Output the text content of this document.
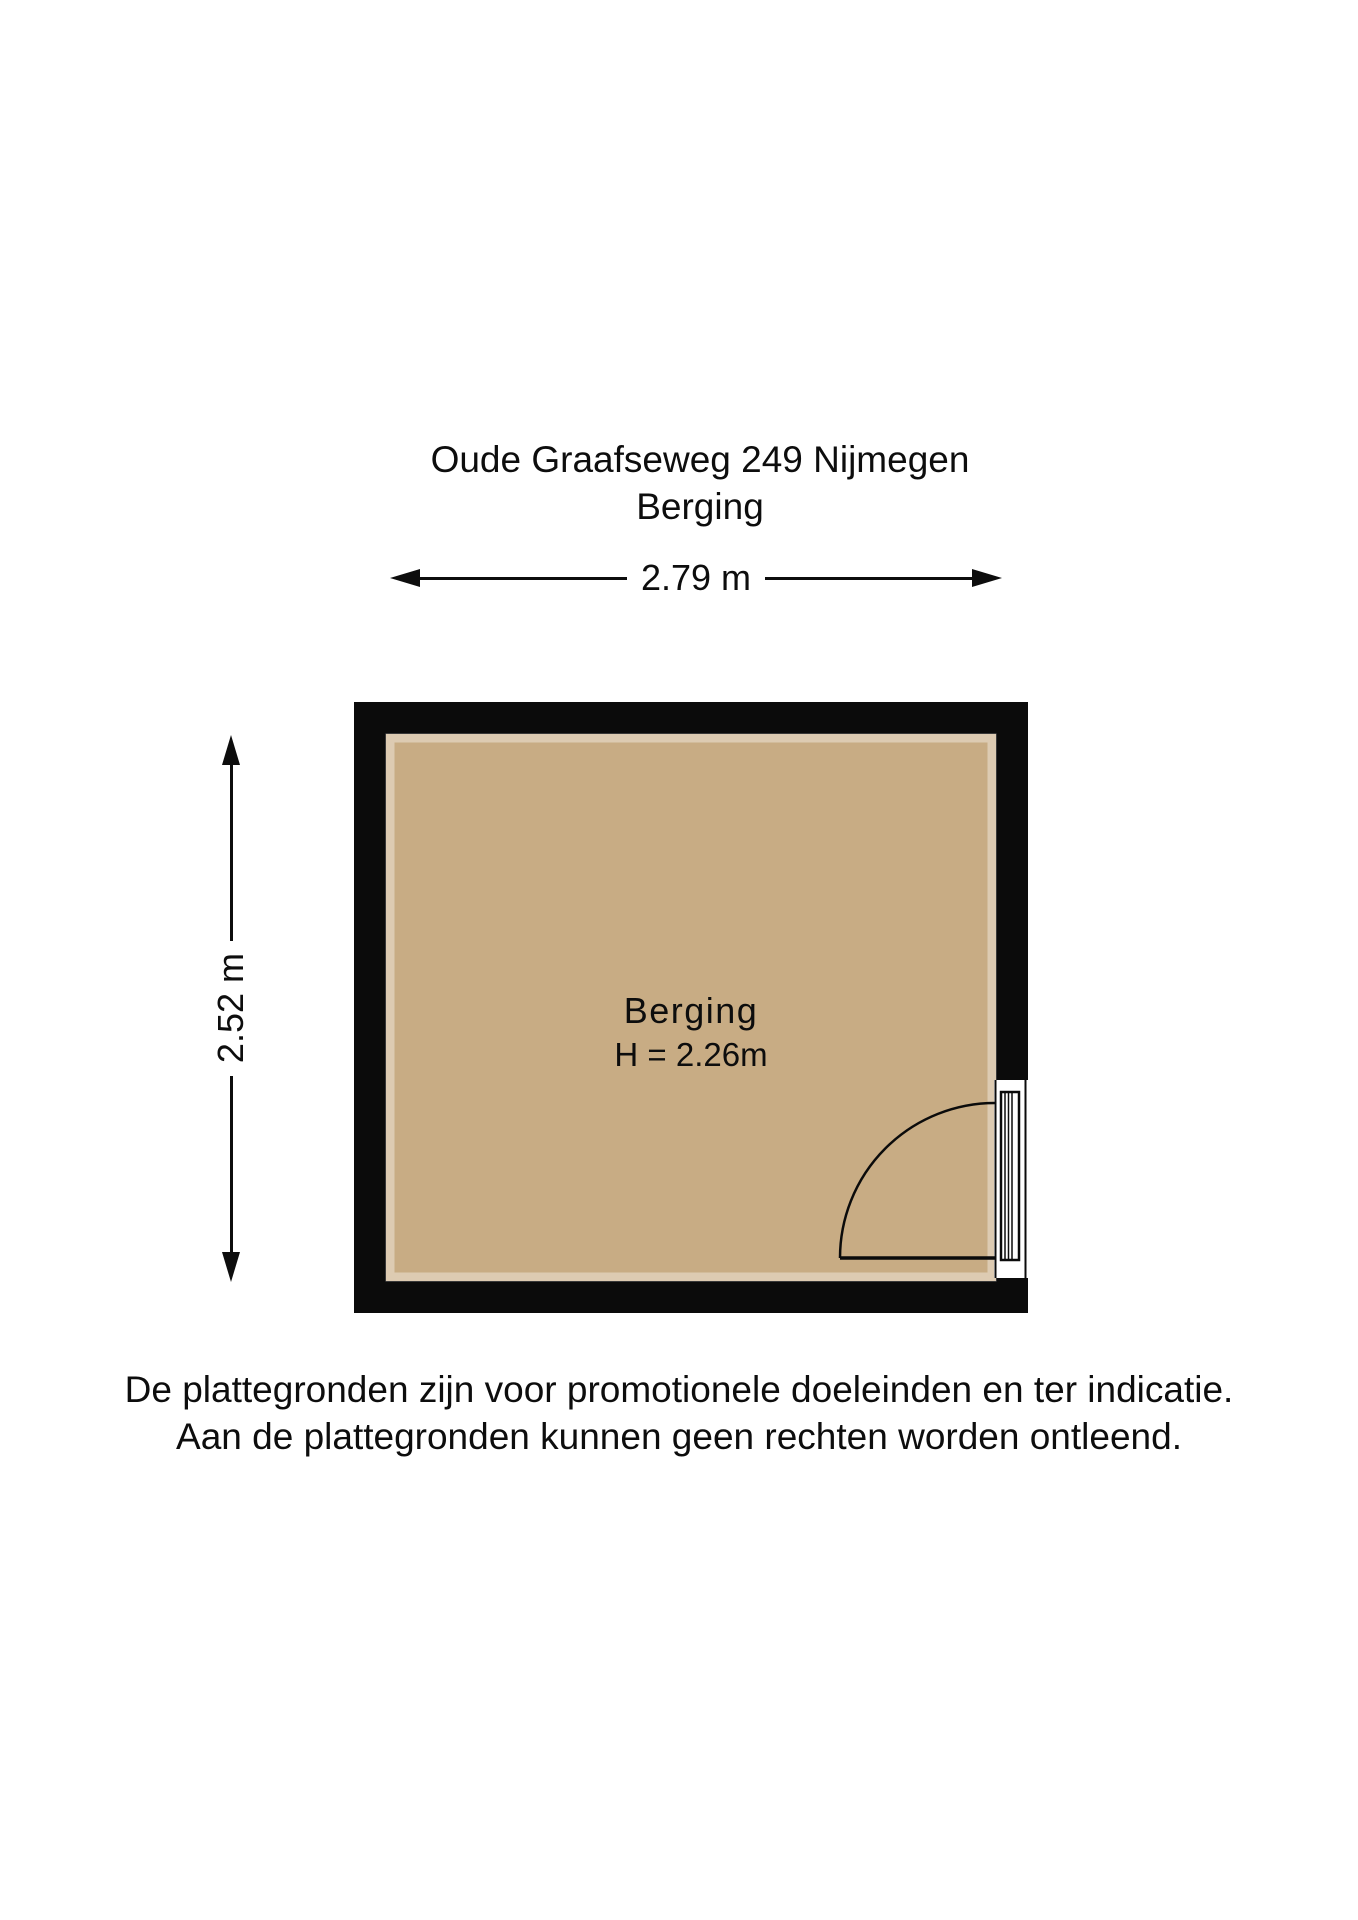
Oude Graafseweg 249 Nijmegen
Berging
2.79 m
2.52 m	Berging
H = 2.26m
De plattegronden zijn voor promotionele doeleinden en ter indicatie.
Aan de plattegronden kunnen geen rechten worden ontleend.
